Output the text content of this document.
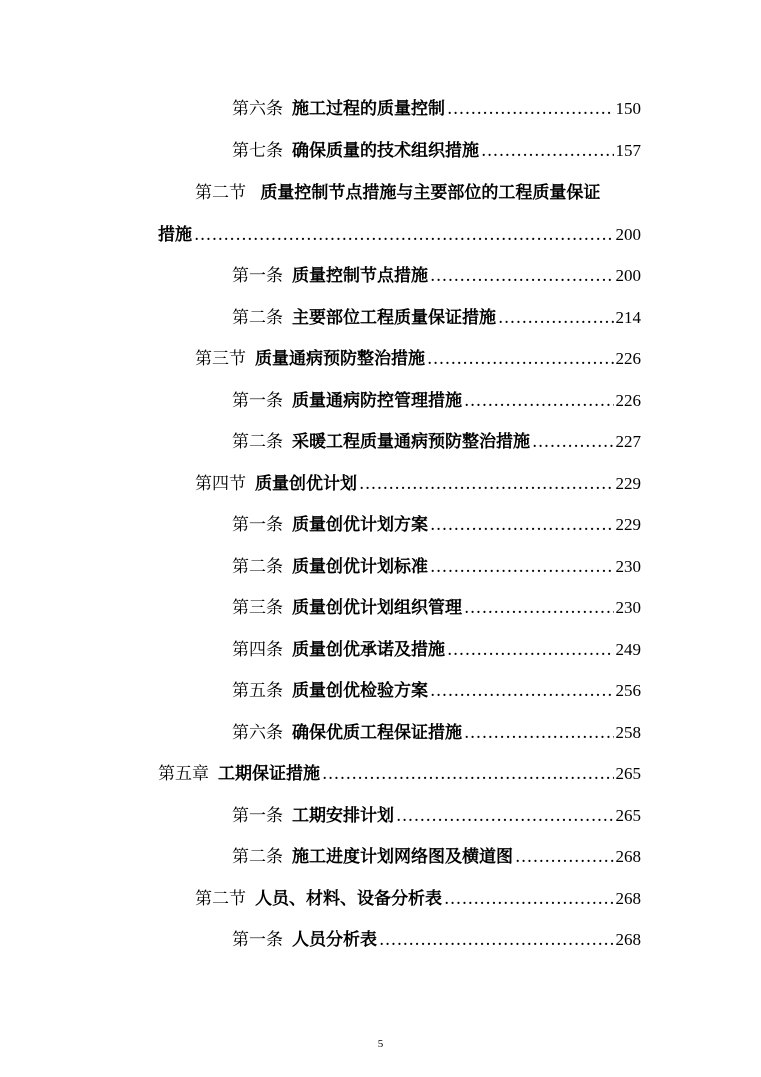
第六条 施工过程的质量控制 .....	150
第七条 确保质量的技术组织措施 .....	157
第二节 质量控制节点措施与主要部位的工程质量保证
措施 .....	200
第一条 质量控制节点措施 .....	200
第二条 主要部位工程质量保证措施 .....	214
第三节 质量通病预防整治措施 .....	226
第一条 质量通病防控管理措施 .....	226
第二条 采暖工程质量通病预防整治措施 .....	227
第四节 质量创优计划 .....	229
第一条 质量创优计划方案 .....	229
第二条 质量创优计划标准 .....	230
第三条 质量创优计划组织管理 .....	230
第四条 质量创优承诺及措施 .....	249
第五条 质量创优检验方案 .....	256
第六条 确保优质工程保证措施 .....	258
第五章 工期保证措施 .....	265
第一条 工期安排计划 .....	265
第二条 施工进度计划网络图及横道图 .....	268
第二节 人员、材料、设备分析表 .....	268
第一条 人员分析表 .....	268
5
